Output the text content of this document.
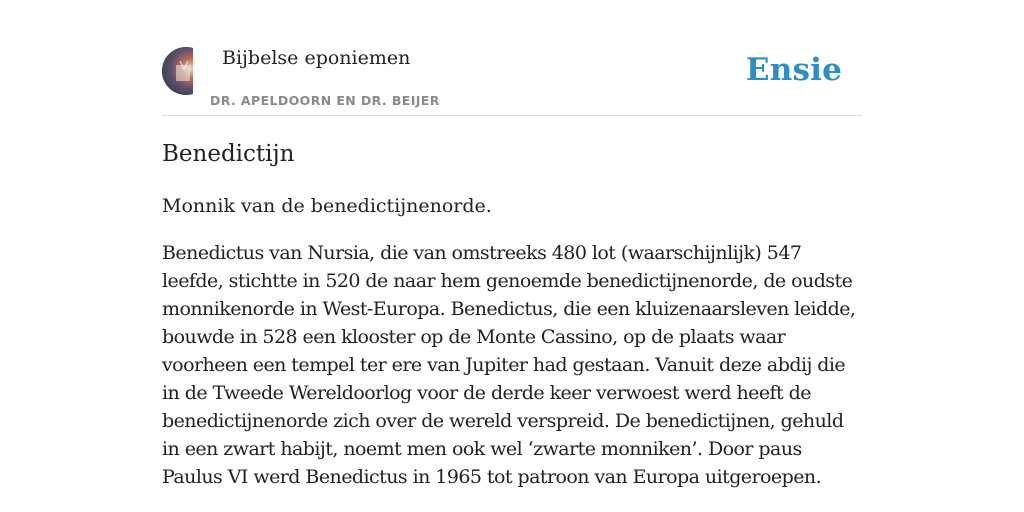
Bijbelse eponiemen
DR. APELDOORN EN DR. BEIJER
Ensie
Benedictijn

Monnik van de benedictijnenorde.

Benedictus van Nursia, die van omstreeks 480 lot (waarschijnlijk) 547 leefde, stichtte in 520 de naar hem genoemde benedictijnenorde, de oudste monnikenorde in West-Europa. Benedictus, die een kluizenaarsleven leidde, bouwde in 528 een klooster op de Monte Cassino, op de plaats waar voorheen een tempel ter ere van Jupiter had gestaan. Vanuit deze abdij die in de Tweede Wereldoorlog voor de derde keer verwoest werd heeft de benedictijnenorde zich over de wereld verspreid. De benedictijnen, gehuld in een zwart habijt, noemt men ook wel ‘zwarte monniken’. Door paus Paulus VI werd Benedictus in 1965 tot patroon van Europa uitgeroepen.
